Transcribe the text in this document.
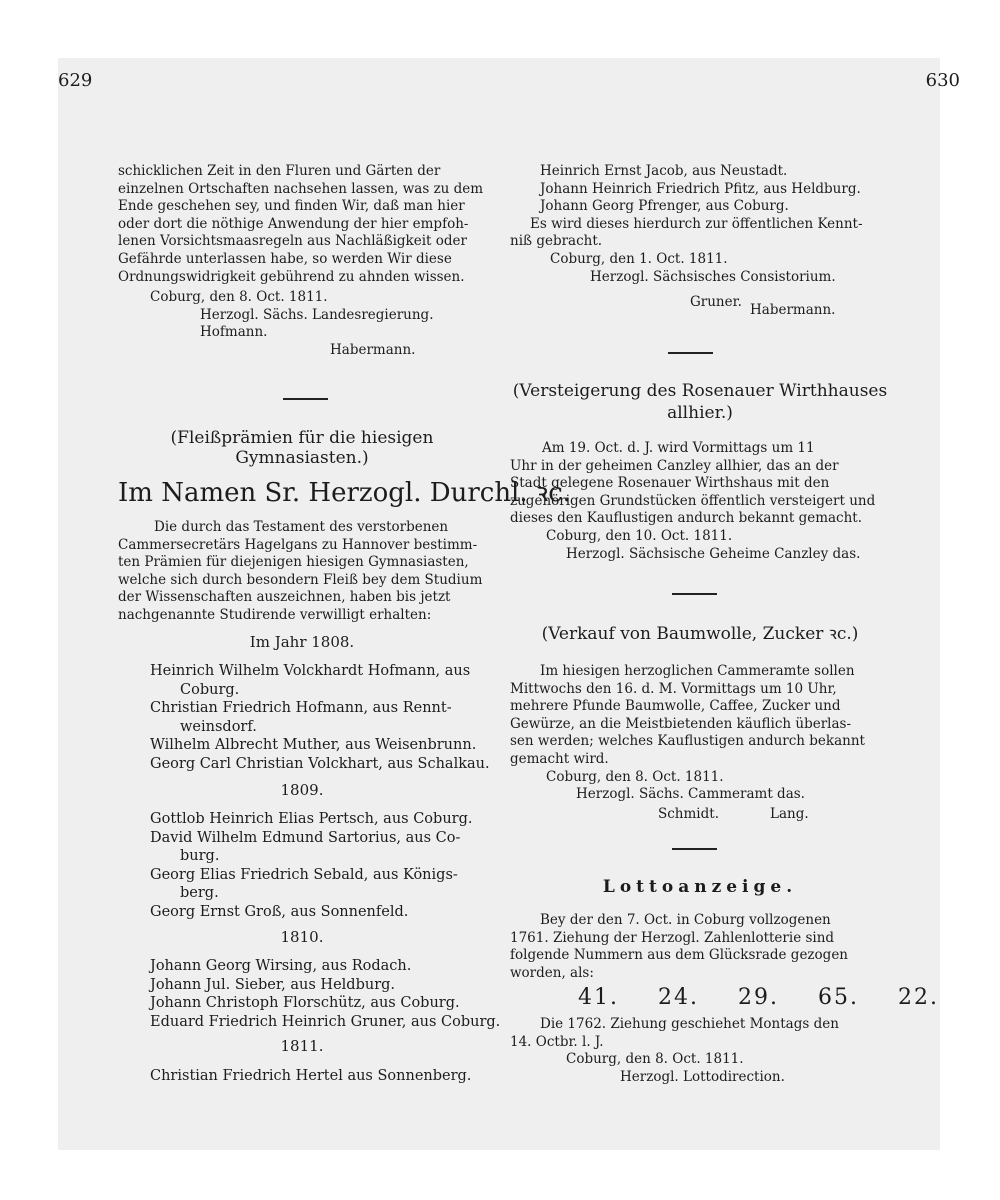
629	630
schicklichen Zeit in den Fluren und Gärten der
einzelnen Ortschaften nachsehen lassen, was zu dem
Ende geschehen sey, und finden Wir, daß man hier
oder dort die nöthige Anwendung der hier empfoh-
lenen Vorsichtsmaasregeln aus Nachläßigkeit oder
Gefährde unterlassen habe, so werden Wir diese
Ordnungswidrigkeit gebührend zu ahnden wissen.
Coburg, den 8. Oct. 1811.
Herzogl. Sächs. Landesregierung.
Hofmann.
Habermann.
(Fleißprämien für die hiesigen Gymnasiasten.)
Im Namen Sr. Herzogl. Durchl. ꝛc.
Die durch das Testament des verstorbenen
Cammersecretärs Hagelgans zu Hannover bestimm-
ten Prämien für diejenigen hiesigen Gymnasiasten,
welche sich durch besondern Fleiß bey dem Studium
der Wissenschaften auszeichnen, haben bis jetzt
nachgenannte Studirende verwilligt erhalten:
Im Jahr 1808.
Heinrich Wilhelm Volckhardt Hofmann, aus
Coburg.
Christian Friedrich Hofmann, aus Rennt-
weinsdorf.
Wilhelm Albrecht Muther, aus Weisenbrunn.
Georg Carl Christian Volckhart, aus Schalkau.
1809.
Gottlob Heinrich Elias Pertsch, aus Coburg.
David Wilhelm Edmund Sartorius, aus Co-
burg.
Georg Elias Friedrich Sebald, aus Königs-
berg.
Georg Ernst Groß, aus Sonnenfeld.
1810.
Johann Georg Wirsing, aus Rodach.
Johann Jul. Sieber, aus Heldburg.
Johann Christoph Florschütz, aus Coburg.
Eduard Friedrich Heinrich Gruner, aus Coburg.
1811.
Christian Friedrich Hertel aus Sonnenberg.
Heinrich Ernst Jacob, aus Neustadt.
Johann Heinrich Friedrich Pfitz, aus Heldburg.
Johann Georg Pfrenger, aus Coburg.
Es wird dieses hierdurch zur öffentlichen Kennt-
niß gebracht.
Coburg, den 1. Oct. 1811.
Herzogl. Sächsisches Consistorium.
Gruner. Habermann.
(Versteigerung des Rosenauer Wirthhauses allhier.)
Am 19. Oct. d. J. wird Vormittags um 11
Uhr in der geheimen Canzley allhier, das an der
Stadt gelegene Rosenauer Wirthshaus mit den
zugehörigen Grundstücken öffentlich versteigert und
dieses den Kauflustigen andurch bekannt gemacht.
Coburg, den 10. Oct. 1811.
Herzogl. Sächsische Geheime Canzley das.
(Verkauf von Baumwolle, Zucker ꝛc.)
Im hiesigen herzoglichen Cammeramte sollen
Mittwochs den 16. d. M. Vormittags um 10 Uhr,
mehrere Pfunde Baumwolle, Caffee, Zucker und
Gewürze, an die Meistbietenden käuflich überlas-
sen werden; welches Kauflustigen andurch bekannt
gemacht wird.
Coburg, den 8. Oct. 1811.
Herzogl. Sächs. Cammeramt das.
Schmidt.	Lang.
Lottoanzeige.
Bey der den 7. Oct. in Coburg vollzogenen
1761. Ziehung der Herzogl. Zahlenlotterie sind
folgende Nummern aus dem Glücksrade gezogen
worden, als:
41. 24. 29. 65. 22.
Die 1762. Ziehung geschiehet Montags den
14. Octbr. l. J.
Coburg, den 8. Oct. 1811.
Herzogl. Lottodirection.
